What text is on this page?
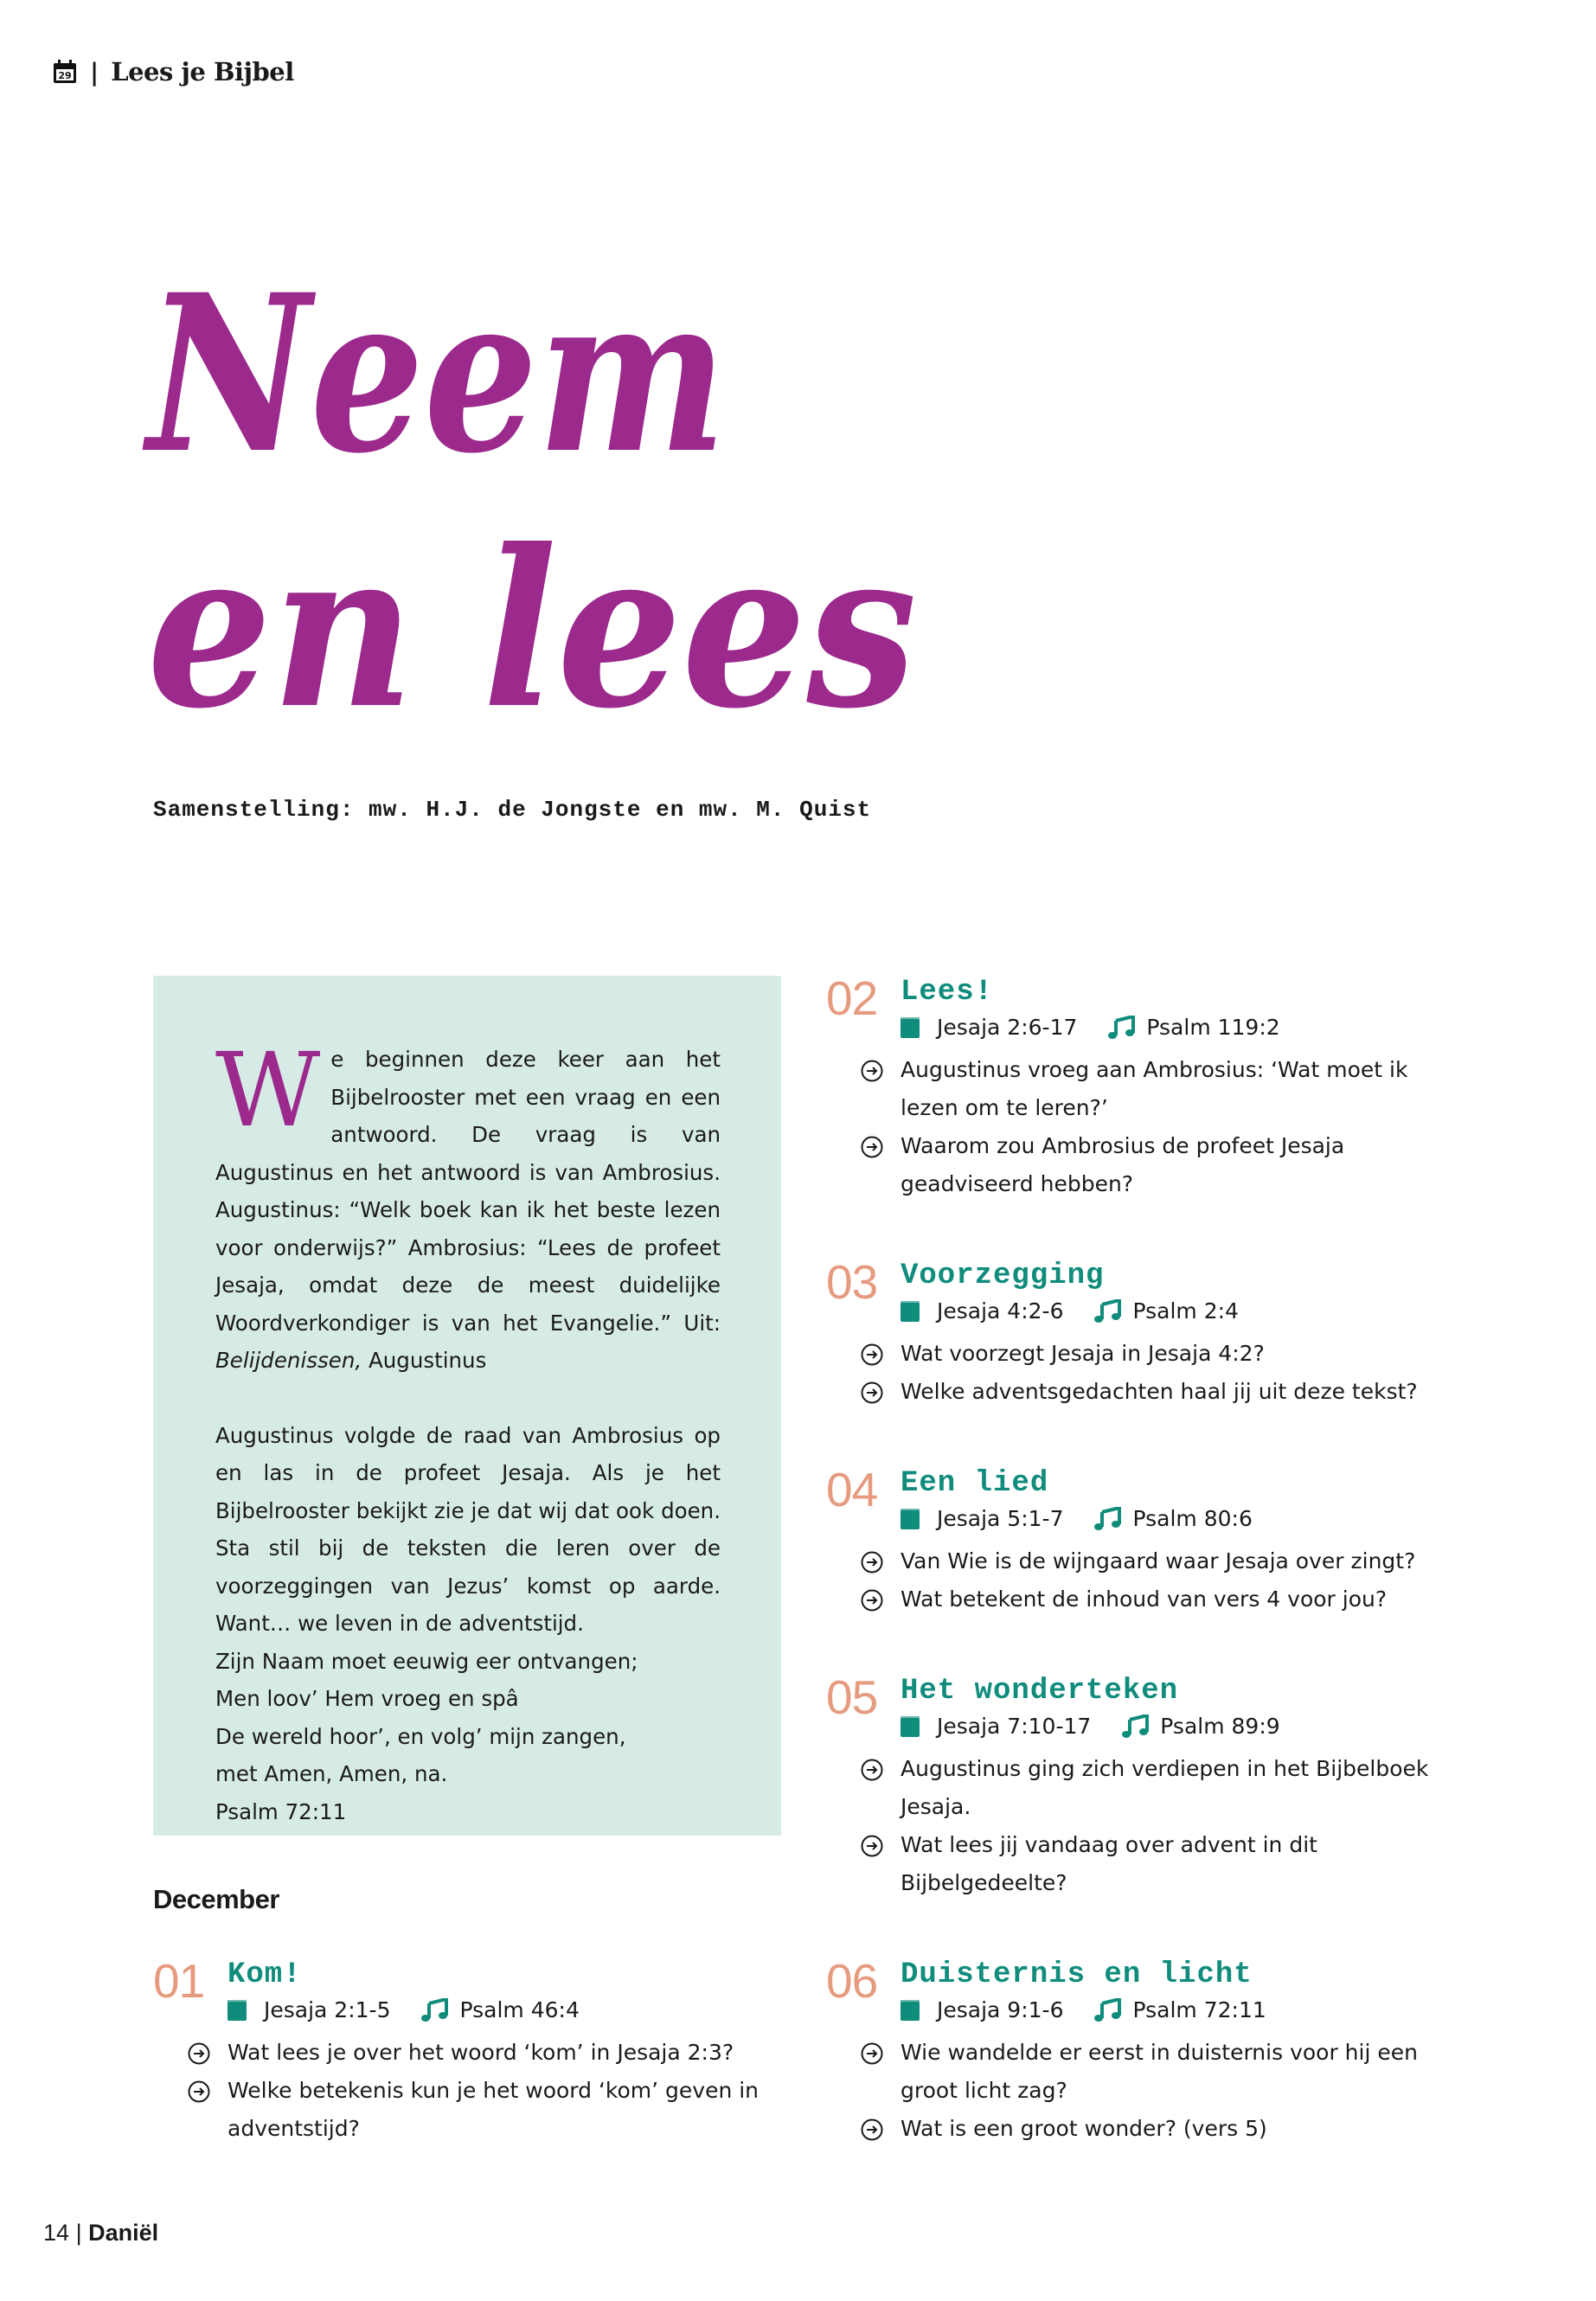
29 | Lees je Bijbel
Neem
en lees
Samenstelling: mw. H.J. de Jongste en mw. M. Quist

We beginnen deze keer aan het Bijbelrooster met een vraag en een antwoord. De vraag is van Augustinus en het antwoord is van Ambrosius. Augustinus: “Welk boek kan ik het beste lezen voor onderwijs?” Ambrosius: “Lees de profeet Jesaja, omdat deze de meest duidelijke Woordverkondiger is van het Evangelie.” Uit: Belijdenissen, Augustinus

Augustinus volgde de raad van Ambrosius op en las in de profeet Jesaja. Als je het Bijbelrooster bekijkt zie je dat wij dat ook doen. Sta stil bij de teksten die leren over de voorzeggingen van Jezus’ komst op aarde. Want… we leven in de adventstijd.

Zijn Naam moet eeuwig eer ontvangen;
Men loov’ Hem vroeg en spâ
De wereld hoor’, en volg’ mijn zangen,
met Amen, Amen, na.
Psalm 72:11
December
01 Kom!
Jesaja 2:1-5	Psalm 46:4
Wat lees je over het woord ‘kom’ in Jesaja 2:3?
Welke betekenis kun je het woord ‘kom’ geven in adventstijd?
02 Lees!
Jesaja 2:6-17	Psalm 119:2
Augustinus vroeg aan Ambrosius: ‘Wat moet ik lezen om te leren?’
Waarom zou Ambrosius de profeet Jesaja geadviseerd hebben?
03 Voorzegging
Jesaja 4:2-6	Psalm 2:4
Wat voorzegt Jesaja in Jesaja 4:2?
Welke adventsgedachten haal jij uit deze tekst?
04 Een lied
Jesaja 5:1-7	Psalm 80:6
Van Wie is de wijngaard waar Jesaja over zingt?
Wat betekent de inhoud van vers 4 voor jou?
05 Het wonderteken
Jesaja 7:10-17	Psalm 89:9
Augustinus ging zich verdiepen in het Bijbelboek Jesaja.
Wat lees jij vandaag over advent in dit Bijbelgedeelte?
06 Duisternis en licht
Jesaja 9:1-6	Psalm 72:11
Wie wandelde er eerst in duisternis voor hij een groot licht zag?
Wat is een groot wonder? (vers 5)
14 | Daniël
